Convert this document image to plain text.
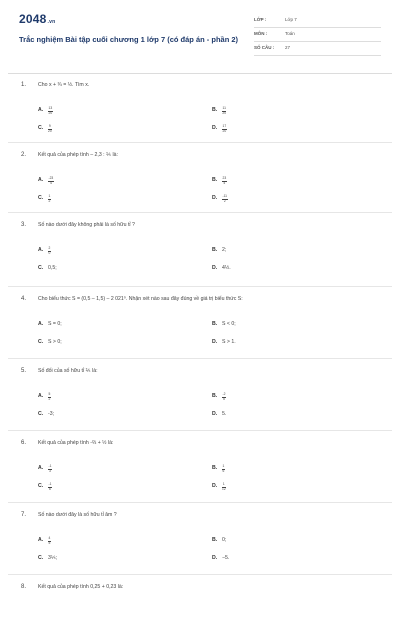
2048.vn
Trắc nghiệm Bài tập cuối chương 1 lớp 7 (có đáp án - phần 2)
LỚP :	Lớp 7
MÔN :	Toán
SỐ CÂU : 27
1. Cho x + ¾ = ½. Tìm x.
A. $\frac{13}{20}$	B. $\frac{11}{20}$
C. $\frac{9}{20}$	D. $\frac{17}{20}$
2. Kết quả của phép tính – 2,3 : ⅖ là:
A. $\frac{-23}{4}$	B. $\frac{23}{4}$
C. $\frac{1}{2}$	D. $\frac{-11}{2}$
3. Số nào dưới đây không phải là số hữu tỉ ?
A. $\frac{2}{0}$	B. 2;
C. 0,5;	D. 4½.
4. Cho biểu thức S = (0,5 – 1,5) – 2 021⁰. Nhận xét nào sau đây đúng về giá trị biểu thức S:
A. S = 0;	B. S < 0;
C. S > 0;	D. S > 1.
5. Số đối của số hữu tỉ ⅖ là:
A. $\frac{5}{2}$	B. $\frac{-2}{5}$
C. -3;	D. 5.
6. Kết quả của phép tính -⅔ + ½ là:
A. $\frac{-1}{3}$	B. $\frac{1}{6}$
C. $\frac{-1}{6}$	D. $\frac{1}{12}$
7. Số nào dưới đây là số hữu tỉ âm ?
A. $\frac{4}{5}$	B. 0;
C. 3⅕;	D. −5.
8. Kết quả của phép tính 0,25 + 0,23 là:
